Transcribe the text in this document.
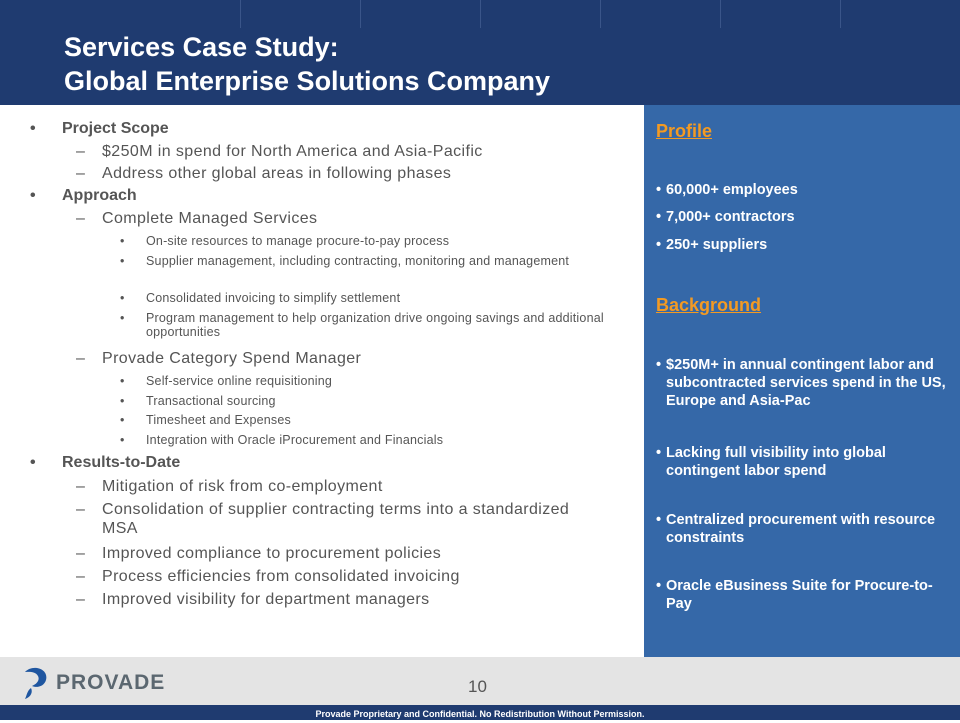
Services Case Study:
Global Enterprise Solutions Company
• Project Scope
– $250M in spend for North America and Asia-Pacific
– Address other global areas in following phases
• Approach
– Complete Managed Services
• On-site resources to manage procure-to-pay process
• Supplier management, including contracting, monitoring and management
• Consolidated invoicing to simplify settlement
• Program management to help organization drive ongoing savings and additional opportunities
– Provade Category Spend Manager
• Self-service online requisitioning
• Transactional sourcing
• Timesheet and Expenses
• Integration with Oracle iProcurement and Financials
• Results-to-Date
– Mitigation of risk from co-employment
– Consolidation of supplier contracting terms into a standardized MSA
– Improved compliance to procurement policies
– Process efficiencies from consolidated invoicing
– Improved visibility for department managers
Profile
• 60,000+ employees
• 7,000+ contractors
• 250+ suppliers
Background
• $250M+ in annual contingent labor and subcontracted services spend in the US, Europe and Asia-Pac
• Lacking full visibility into global contingent labor spend
• Centralized procurement with resource constraints
• Oracle eBusiness Suite for Procure-to-Pay
PROVADE	10
Provade Proprietary and Confidential. No Redistribution Without Permission.
